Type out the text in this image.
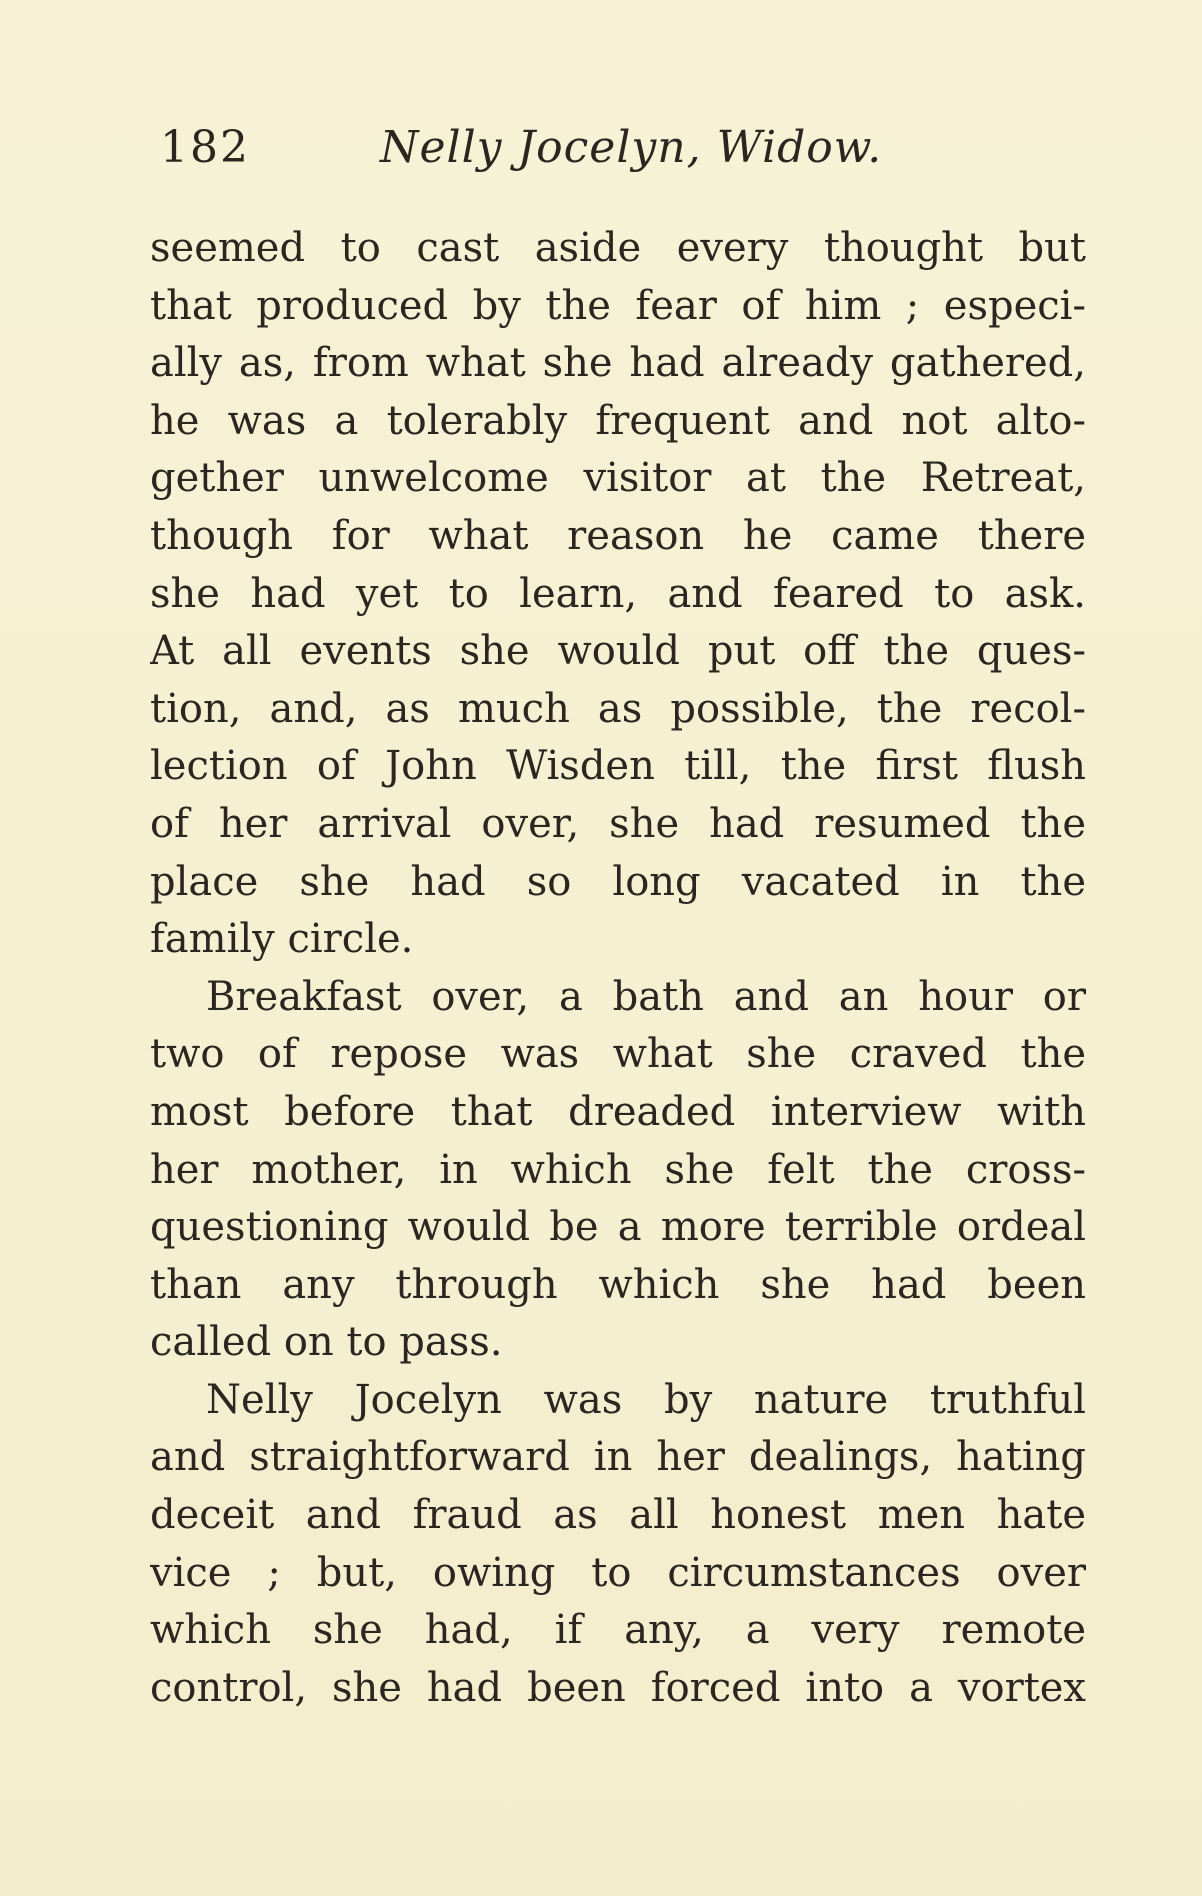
182	Nelly Jocelyn, Widow.
seemed to cast aside every thought but
that produced by the fear of him ; especi-
ally as, from what she had already gathered,
he was a tolerably frequent and not alto-
gether unwelcome visitor at the Retreat,
though for what reason he came there
she had yet to learn, and feared to ask.
At all events she would put off the ques-
tion, and, as much as possible, the recol-
lection of John Wisden till, the first flush
of her arrival over, she had resumed the
place she had so long vacated in the
family circle.
Breakfast over, a bath and an hour or
two of repose was what she craved the
most before that dreaded interview with
her mother, in which she felt the cross-
questioning would be a more terrible ordeal
than any through which she had been
called on to pass.
Nelly Jocelyn was by nature truthful
and straightforward in her dealings, hating
deceit and fraud as all honest men hate
vice ; but, owing to circumstances over
which she had, if any, a very remote
control, she had been forced into a vortex
